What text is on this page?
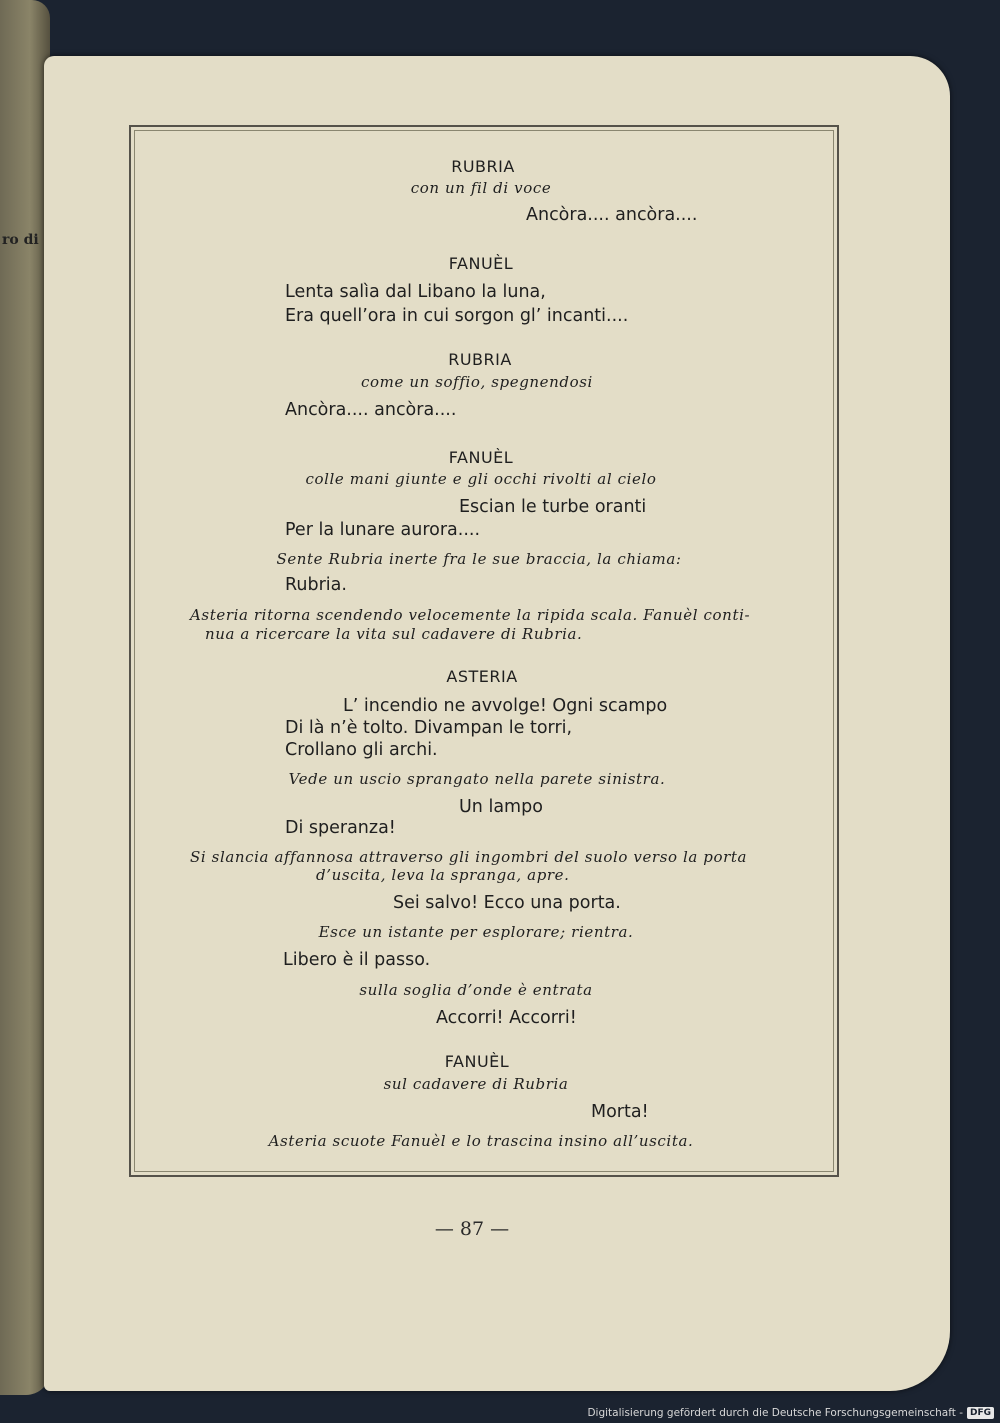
ro di
RUBRIA
con un fil di voce
Ancòra.... ancòra....
FANUÈL
Lenta salìa dal Libano la luna,
Era quell’ora in cui sorgon gl’ incanti....
RUBRIA
come un soffio, spegnendosi
Ancòra.... ancòra....
FANUÈL
colle mani giunte e gli occhi rivolti al cielo
Escian le turbe oranti
Per la lunare aurora....
Sente Rubria inerte fra le sue braccia, la chiama:
Rubria.
Asteria ritorna scendendo velocemente la ripida scala. Fanuèl conti-
nua a ricercare la vita sul cadavere di Rubria.
ASTERIA
L’ incendio ne avvolge! Ogni scampo
Di là n’è tolto. Divampan le torri,
Crollano gli archi.
Vede un uscio sprangato nella parete sinistra.
Un lampo
Di speranza!
Si slancia affannosa attraverso gli ingombri del suolo verso la porta
d’uscita, leva la spranga, apre.
Sei salvo! Ecco una porta.
Esce un istante per esplorare; rientra.
Libero è il passo.
sulla soglia d’onde è entrata
Accorri! Accorri!
FANUÈL
sul cadavere di Rubria
Morta!
Asteria scuote Fanuèl e lo trascina insino all’uscita.
— 87 —
Digitalisierung gefördert durch die Deutsche Forschungsgemeinschaft - DFG
